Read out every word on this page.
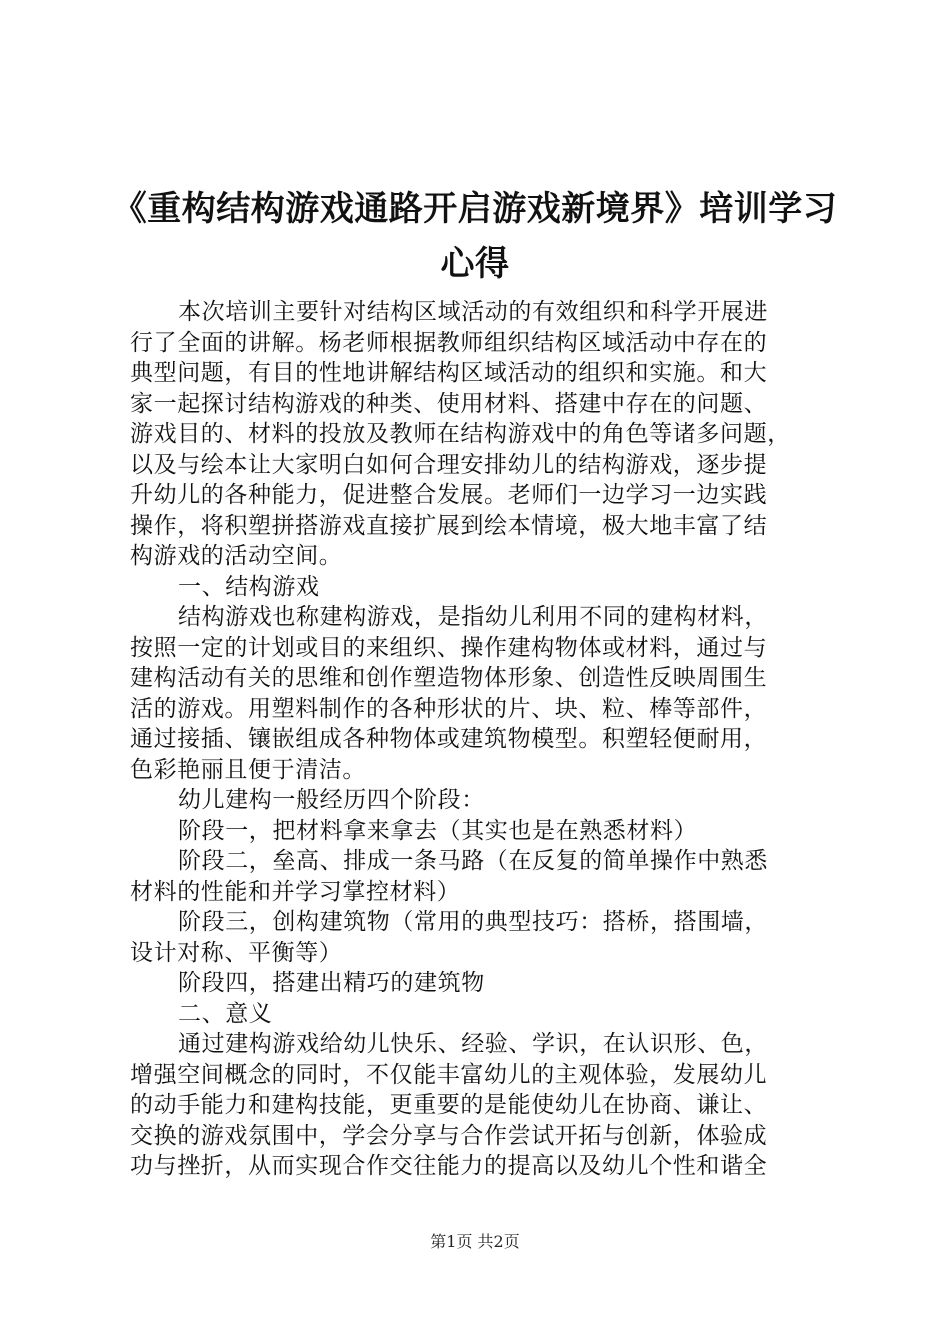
《重构结构游戏通路开启游戏新境界》培训学习心得
本次培训主要针对结构区域活动的有效组织和科学开展进
行了全面的讲解。杨老师根据教师组织结构区域活动中存在的
典型问题，有目的性地讲解结构区域活动的组织和实施。和大
家一起探讨结构游戏的种类、使用材料、搭建中存在的问题、
游戏目的、材料的投放及教师在结构游戏中的角色等诸多问题，
以及与绘本让大家明白如何合理安排幼儿的结构游戏，逐步提
升幼儿的各种能力，促进整合发展。老师们一边学习一边实践
操作，将积塑拼搭游戏直接扩展到绘本情境，极大地丰富了结
构游戏的活动空间。
一、结构游戏
结构游戏也称建构游戏，是指幼儿利用不同的建构材料，
按照一定的计划或目的来组织、操作建构物体或材料，通过与
建构活动有关的思维和创作塑造物体形象、创造性反映周围生
活的游戏。用塑料制作的各种形状的片、块、粒、棒等部件，
通过接插、镶嵌组成各种物体或建筑物模型。积塑轻便耐用，
色彩艳丽且便于清洁。
幼儿建构一般经历四个阶段：
阶段一，把材料拿来拿去（其实也是在熟悉材料）
阶段二，垒高、排成一条马路（在反复的简单操作中熟悉
材料的性能和并学习掌控材料）
阶段三，创构建筑物（常用的典型技巧：搭桥，搭围墙，
设计对称、平衡等）
阶段四，搭建出精巧的建筑物
二、意义
通过建构游戏给幼儿快乐、经验、学识，在认识形、色，
增强空间概念的同时，不仅能丰富幼儿的主观体验，发展幼儿
的动手能力和建构技能，更重要的是能使幼儿在协商、谦让、
交换的游戏氛围中，学会分享与合作尝试开拓与创新，体验成
功与挫折，从而实现合作交往能力的提高以及幼儿个性和谐全
第1页 共2页
